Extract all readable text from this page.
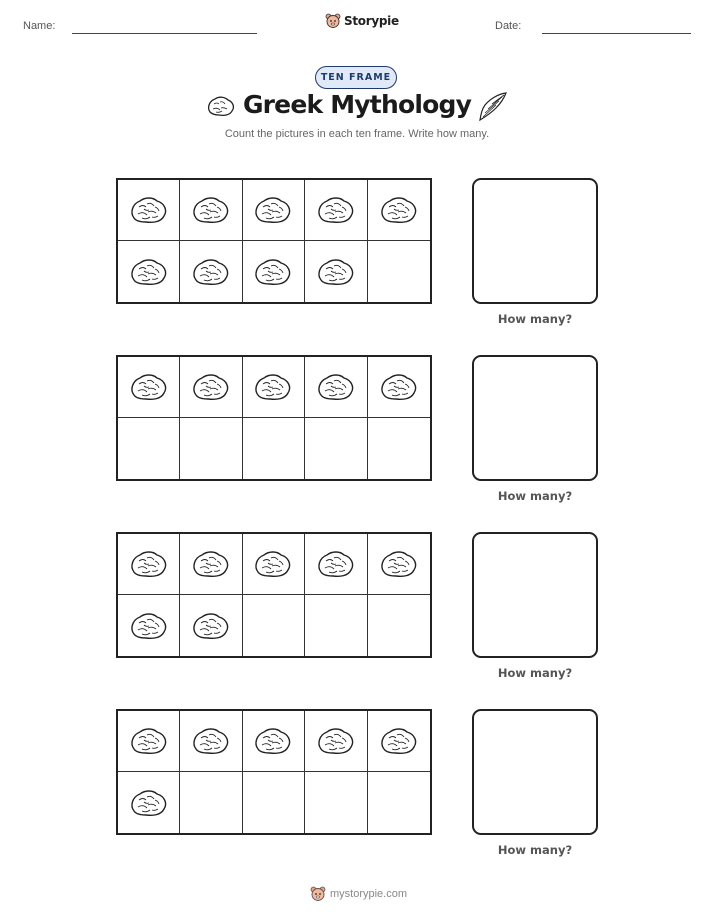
Name:	Storypie	Date:
TEN FRAME
Greek Mythology
Count the pictures in each ten frame. Write how many.
How many?
How many?
How many?
How many?
mystorypie.com
